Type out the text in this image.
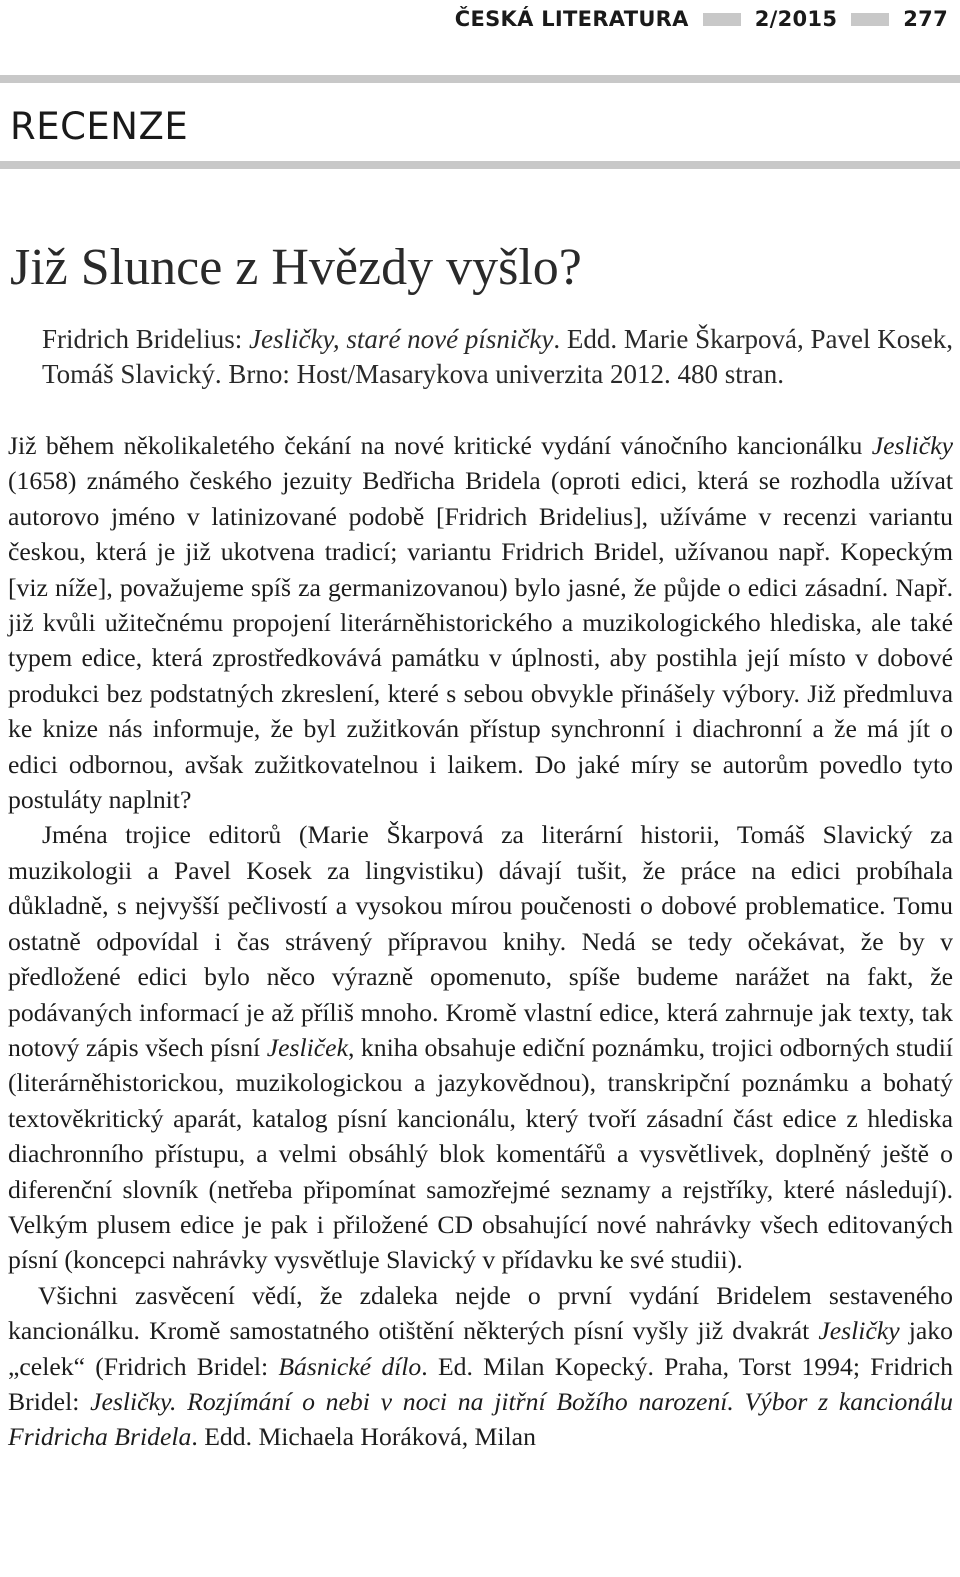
ČESKÁ LITERATURA	2/2015	277
RECENZE
Již Slunce z Hvězdy vyšlo?
Fridrich Bridelius: Jesličky, staré nové písničky. Edd. Marie Škarpová, Pavel Kosek, Tomáš Slavický. Brno: Host/Masarykova univerzita 2012. 480 stran.

Již během několikaletého čekání na nové kritické vydání vánočního kancionálku Jesličky (1658) známého českého jezuity Bedřicha Bridela (oproti edici, která se rozhodla užívat autorovo jméno v latinizované podobě [Fridrich Bridelius], užíváme v recenzi variantu českou, která je již ukotvena tradicí; variantu Fridrich Bridel, užívanou např. Kopeckým [viz níže], považujeme spíš za germanizovanou) bylo jasné, že půjde o edici zásadní. Např. již kvůli užitečnému propojení literárněhistorického a muzikologického hlediska, ale také typem edice, která zprostředkovává památku v úplnosti, aby postihla její místo v dobové produkci bez podstatných zkreslení, které s sebou obvykle přinášely výbory. Již předmluva ke knize nás informuje, že byl zužitkován přístup synchronní i diachronní a že má jít o edici odbornou, avšak zužitkovatelnou i laikem. Do jaké míry se autorům povedlo tyto postuláty naplnit?

Jména trojice editorů (Marie Škarpová za literární historii, Tomáš Slavický za muzikologii a Pavel Kosek za lingvistiku) dávají tušit, že práce na edici probíhala důkladně, s nejvyšší pečlivostí a vysokou mírou poučenosti o dobové problematice. Tomu ostatně odpovídal i čas strávený přípravou knihy. Nedá se tedy očekávat, že by v předložené edici bylo něco výrazně opomenuto, spíše budeme narážet na fakt, že podávaných informací je až příliš mnoho. Kromě vlastní edice, která zahrnuje jak texty, tak notový zápis všech písní Jesliček, kniha obsahuje ediční poznámku, trojici odborných studií (literárněhistorickou, muzikologickou a jazykovědnou), transkripční poznámku a bohatý textověkritický aparát, katalog písní kancionálu, který tvoří zásadní část edice z hlediska diachronního přístupu, a velmi obsáhlý blok komentářů a vysvětlivek, doplněný ještě o diferenční slovník (netřeba připomínat samozřejmé seznamy a rejstříky, které následují). Velkým plusem edice je pak i přiložené CD obsahující nové nahrávky všech editovaných písní (koncepci nahrávky vysvětluje Slavický v přídavku ke své studii).

Všichni zasvěcení vědí, že zdaleka nejde o první vydání Bridelem sestaveného kancionálku. Kromě samostatného otištění některých písní vyšly již dvakrát Jesličky jako „celek“ (Fridrich Bridel: Básnické dílo. Ed. Milan Kopecký. Praha, Torst 1994; Fridrich Bridel: Jesličky. Rozjímání o nebi v noci na jitřní Božího narození. Výbor z kancionálu Fridricha Bridela. Edd. Michaela Horáková, Milan
